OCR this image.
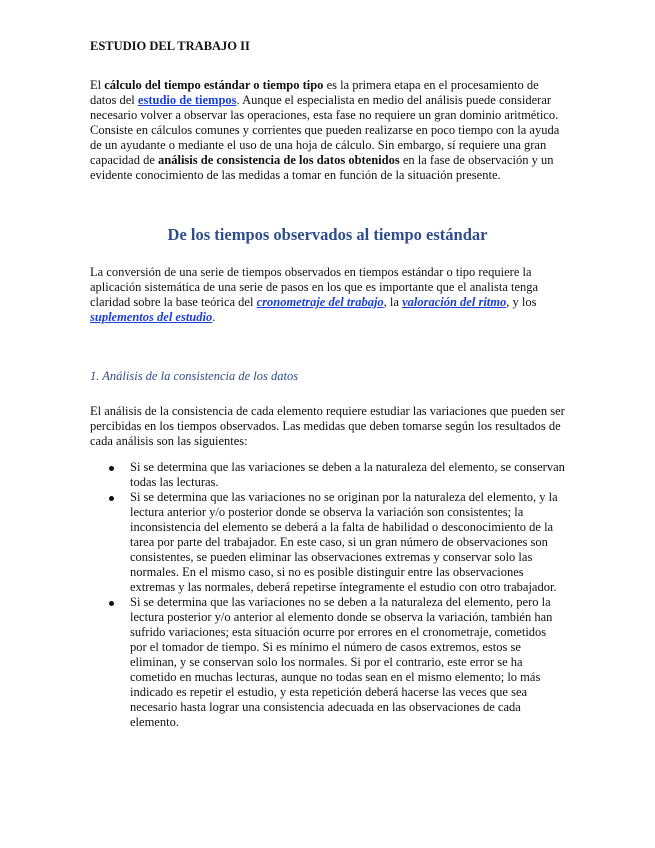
ESTUDIO DEL TRABAJO II

El cálculo del tiempo estándar o tiempo tipo es la primera etapa en el procesamiento de datos del estudio de tiempos. Aunque el especialista en medio del análisis puede considerar necesario volver a observar las operaciones, esta fase no requiere un gran dominio aritmético. Consiste en cálculos comunes y corrientes que pueden realizarse en poco tiempo con la ayuda de un ayudante o mediante el uso de una hoja de cálculo. Sin embargo, sí requiere una gran capacidad de análisis de consistencia de los datos obtenidos en la fase de observación y un evidente conocimiento de las medidas a tomar en función de la situación presente.

De los tiempos observados al tiempo estándar

La conversión de una serie de tiempos observados en tiempos estándar o tipo requiere la aplicación sistemática de una serie de pasos en los que es importante que el analista tenga claridad sobre la base teórica del cronometraje del trabajo, la valoración del ritmo, y los suplementos del estudio.

1. Análisis de la consistencia de los datos

El análisis de la consistencia de cada elemento requiere estudiar las variaciones que pueden ser percibidas en los tiempos observados. Las medidas que deben tomarse según los resultados de cada análisis son las siguientes:

Si se determina que las variaciones se deben a la naturaleza del elemento, se conservan todas las lecturas.
Si se determina que las variaciones no se originan por la naturaleza del elemento, y la lectura anterior y/o posterior donde se observa la variación son consistentes; la inconsistencia del elemento se deberá a la falta de habilidad o desconocimiento de la tarea por parte del trabajador. En este caso, si un gran número de observaciones son consistentes, se pueden eliminar las observaciones extremas y conservar solo las normales. En el mismo caso, si no es posible distinguir entre las observaciones extremas y las normales, deberá repetirse íntegramente el estudio con otro trabajador.
Si se determina que las variaciones no se deben a la naturaleza del elemento, pero la lectura posterior y/o anterior al elemento donde se observa la variación, también han sufrido variaciones; esta situación ocurre por errores en el cronometraje, cometidos por el tomador de tiempo. Si es mínimo el número de casos extremos, estos se eliminan, y se conservan solo los normales. Si por el contrario, este error se ha cometido en muchas lecturas, aunque no todas sean en el mismo elemento; lo más indicado es repetir el estudio, y esta repetición deberá hacerse las veces que sea necesario hasta lograr una consistencia adecuada en las observaciones de cada elemento.
